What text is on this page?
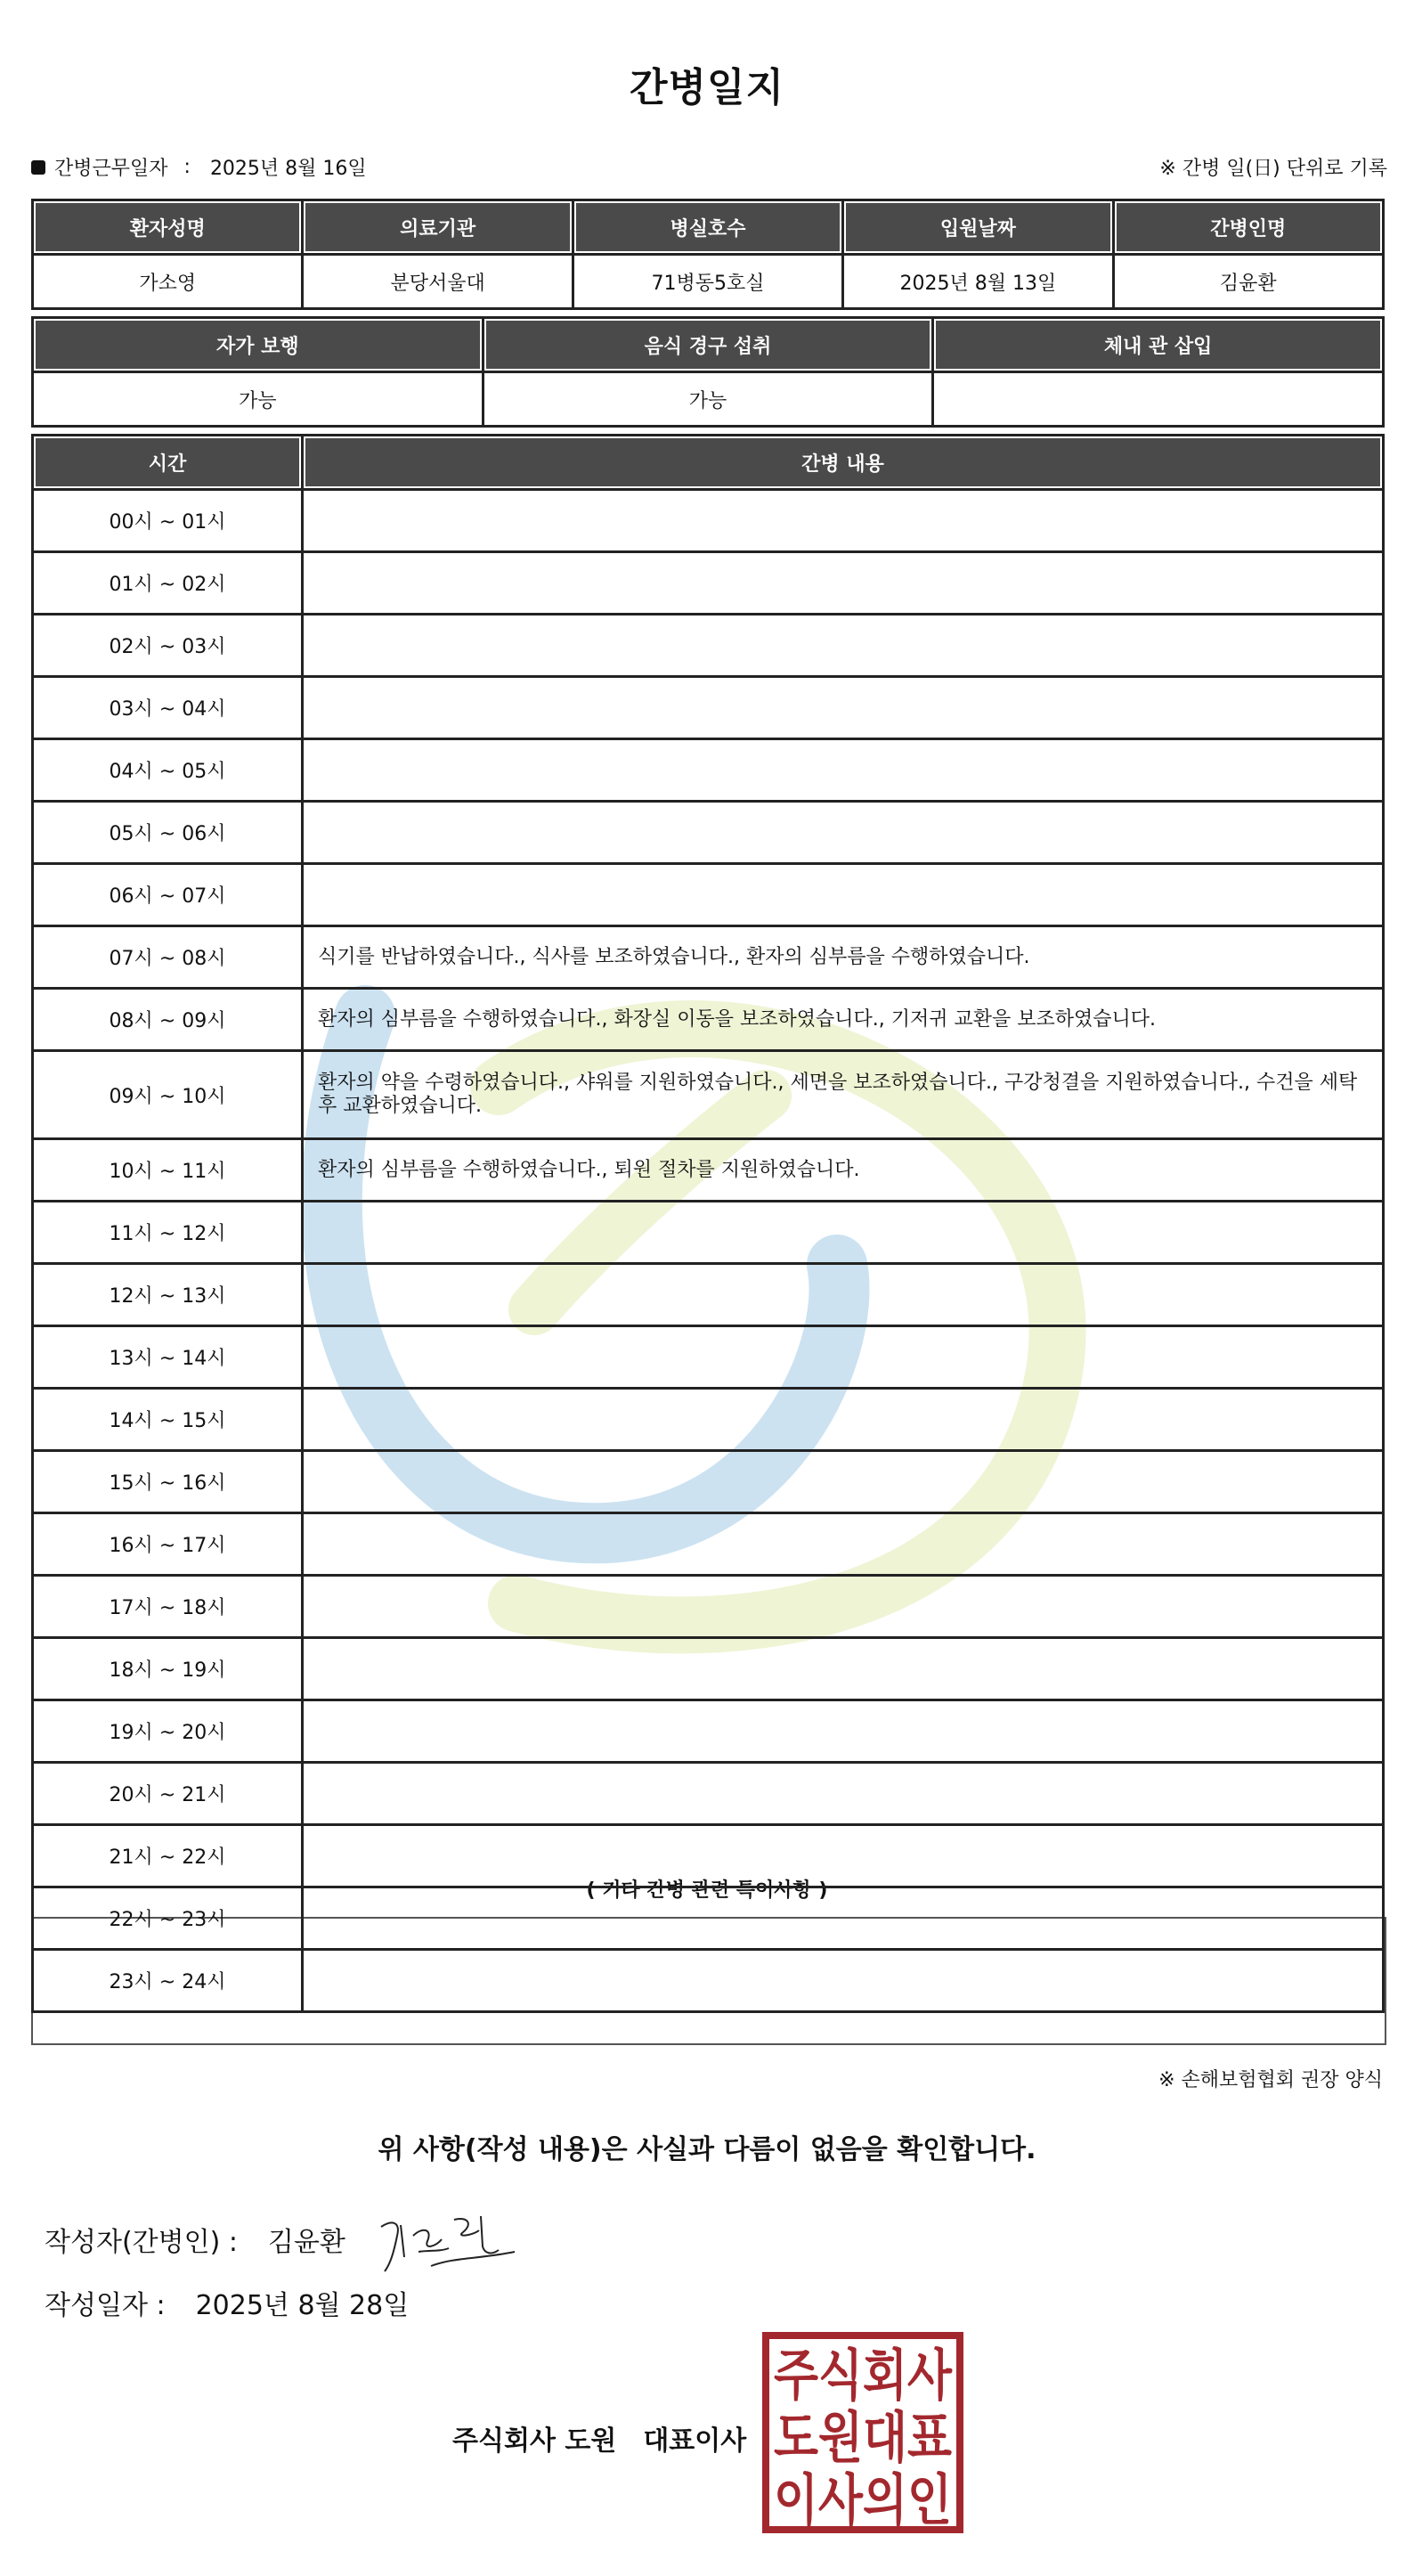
간병일지
간병근무일자 : 2025년 8월 16일	※ 간병 일(日) 단위로 기록
환자성명	의료기관	병실호수	입원날짜	간병인명
가소영	분당서울대	71병동5호실	2025년 8월 13일	김윤환
자가 보행	음식 경구 섭취	체내 관 삽입
가능	가능	
시간	간병 내용
00시 ~ 01시	
01시 ~ 02시	
02시 ~ 03시	
03시 ~ 04시	
04시 ~ 05시	
05시 ~ 06시	
06시 ~ 07시	
07시 ~ 08시	식기를 반납하였습니다., 식사를 보조하였습니다., 환자의 심부름을 수행하였습니다.
08시 ~ 09시	환자의 심부름을 수행하였습니다., 화장실 이동을 보조하였습니다., 기저귀 교환을 보조하였습니다.
09시 ~ 10시	환자의 약을 수령하였습니다., 샤워를 지원하였습니다., 세면을 보조하였습니다., 구강청결을 지원하였습니다., 수건을 세탁 후 교환하였습니다.
10시 ~ 11시	환자의 심부름을 수행하였습니다., 퇴원 절차를 지원하였습니다.
11시 ~ 12시	
12시 ~ 13시	
13시 ~ 14시	
14시 ~ 15시	
15시 ~ 16시	
16시 ~ 17시	
17시 ~ 18시	
18시 ~ 19시	
19시 ~ 20시	
20시 ~ 21시	
21시 ~ 22시	
22시 ~ 23시	
23시 ~ 24시	
( 기타 간병 관련 특이사항 )
※ 손해보험협회 권장 양식
위 사항(작성 내용)은 사실과 다름이 없음을 확인합니다.
작성자(간병인) : 김윤환
작성일자 : 2025년 8월 28일
주식회사 도원 대표이사
주식회사
도원대표
이사의인
